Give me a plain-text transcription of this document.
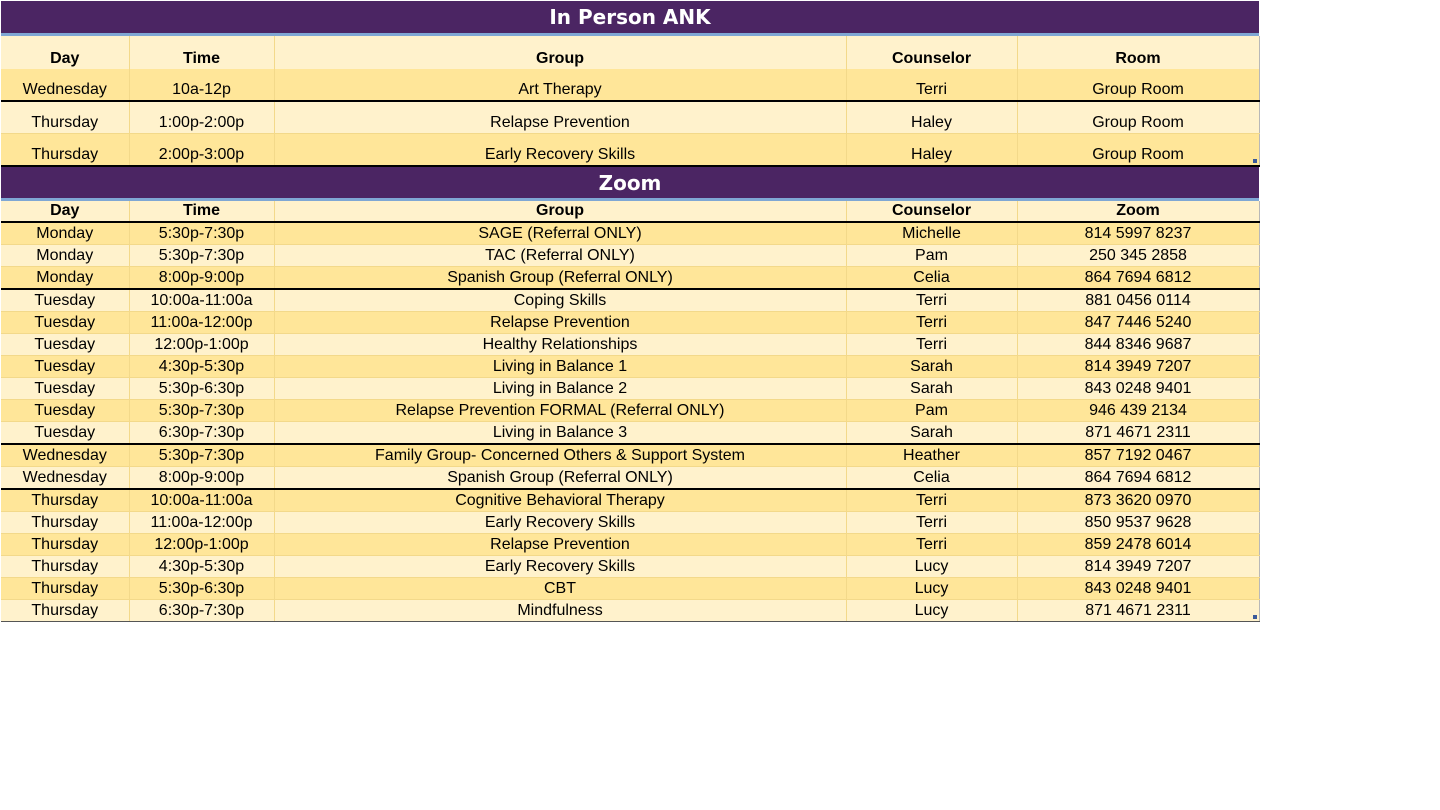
In Person ANK
Day	Time	Group	Counselor	Room
Wednesday	10a-12p	Art Therapy	Terri	Group Room
Thursday	1:00p-2:00p	Relapse Prevention	Haley	Group Room
Thursday	2:00p-3:00p	Early Recovery Skills	Haley	Group Room
Zoom
Day	Time	Group	Counselor	Zoom
Monday	5:30p-7:30p	SAGE (Referral ONLY)	Michelle	814 5997 8237
Monday	5:30p-7:30p	TAC (Referral ONLY)	Pam	250 345 2858
Monday	8:00p-9:00p	Spanish Group (Referral ONLY)	Celia	864 7694 6812
Tuesday	10:00a-11:00a	Coping Skills	Terri	881 0456 0114
Tuesday	11:00a-12:00p	Relapse Prevention	Terri	847 7446 5240
Tuesday	12:00p-1:00p	Healthy Relationships	Terri	844 8346 9687
Tuesday	4:30p-5:30p	Living in Balance 1	Sarah	814 3949 7207
Tuesday	5:30p-6:30p	Living in Balance 2	Sarah	843 0248 9401
Tuesday	5:30p-7:30p	Relapse Prevention FORMAL (Referral ONLY)	Pam	946 439 2134
Tuesday	6:30p-7:30p	Living in Balance 3	Sarah	871 4671 2311
Wednesday	5:30p-7:30p	Family Group- Concerned Others & Support System	Heather	857 7192 0467
Wednesday	8:00p-9:00p	Spanish Group (Referral ONLY)	Celia	864 7694 6812
Thursday	10:00a-11:00a	Cognitive Behavioral Therapy	Terri	873 3620 0970
Thursday	11:00a-12:00p	Early Recovery Skills	Terri	850 9537 9628
Thursday	12:00p-1:00p	Relapse Prevention	Terri	859 2478 6014
Thursday	4:30p-5:30p	Early Recovery Skills	Lucy	814 3949 7207
Thursday	5:30p-6:30p	CBT	Lucy	843 0248 9401
Thursday	6:30p-7:30p	Mindfulness	Lucy	871 4671 2311
